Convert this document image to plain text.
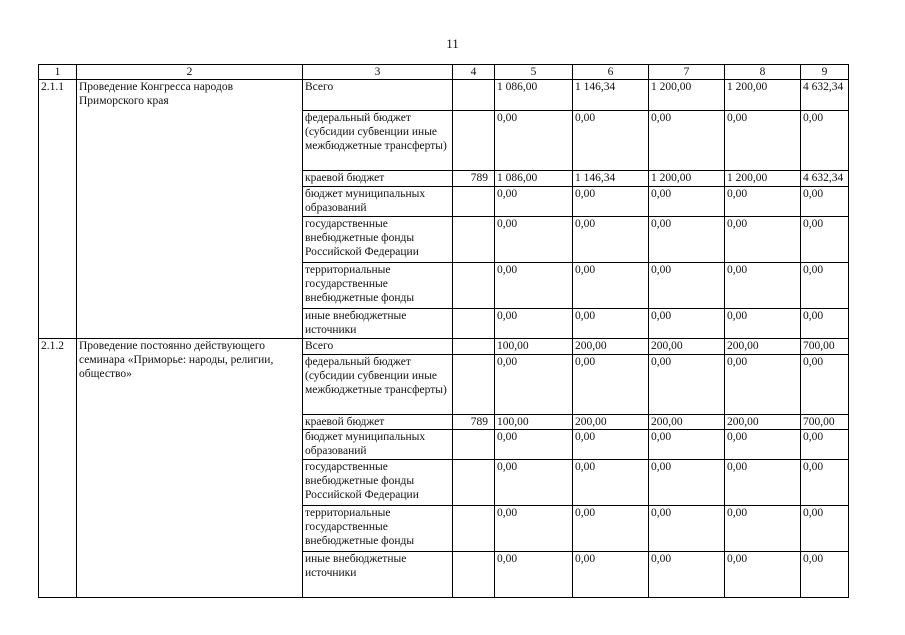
11
1	2	3	4	5	6	7	8	9
2.1.1	Проведение Конгресса народов Приморского края	Всего		1 086,00	1 146,34	1 200,00	1 200,00	4 632,34
		федеральный бюджет (субсидии субвенции иные межбюджетные трансферты)		0,00	0,00	0,00	0,00	0,00
		краевой бюджет	789	1 086,00	1 146,34	1 200,00	1 200,00	4 632,34
		бюджет муниципальных образований		0,00	0,00	0,00	0,00	0,00
		государственные внебюджетные фонды Российской Федерации		0,00	0,00	0,00	0,00	0,00
		территориальные государственные внебюджетные фонды		0,00	0,00	0,00	0,00	0,00
		иные внебюджетные источники		0,00	0,00	0,00	0,00	0,00
2.1.2	Проведение постоянно действующего семинара «Приморье: народы, религии, общество»	Всего		100,00	200,00	200,00	200,00	700,00
		федеральный бюджет (субсидии субвенции иные межбюджетные трансферты)		0,00	0,00	0,00	0,00	0,00
		краевой бюджет	789	100,00	200,00	200,00	200,00	700,00
		бюджет муниципальных образований		0,00	0,00	0,00	0,00	0,00
		государственные внебюджетные фонды Российской Федерации		0,00	0,00	0,00	0,00	0,00
		территориальные государственные внебюджетные фонды		0,00	0,00	0,00	0,00	0,00
		иные внебюджетные источники		0,00	0,00	0,00	0,00	0,00
